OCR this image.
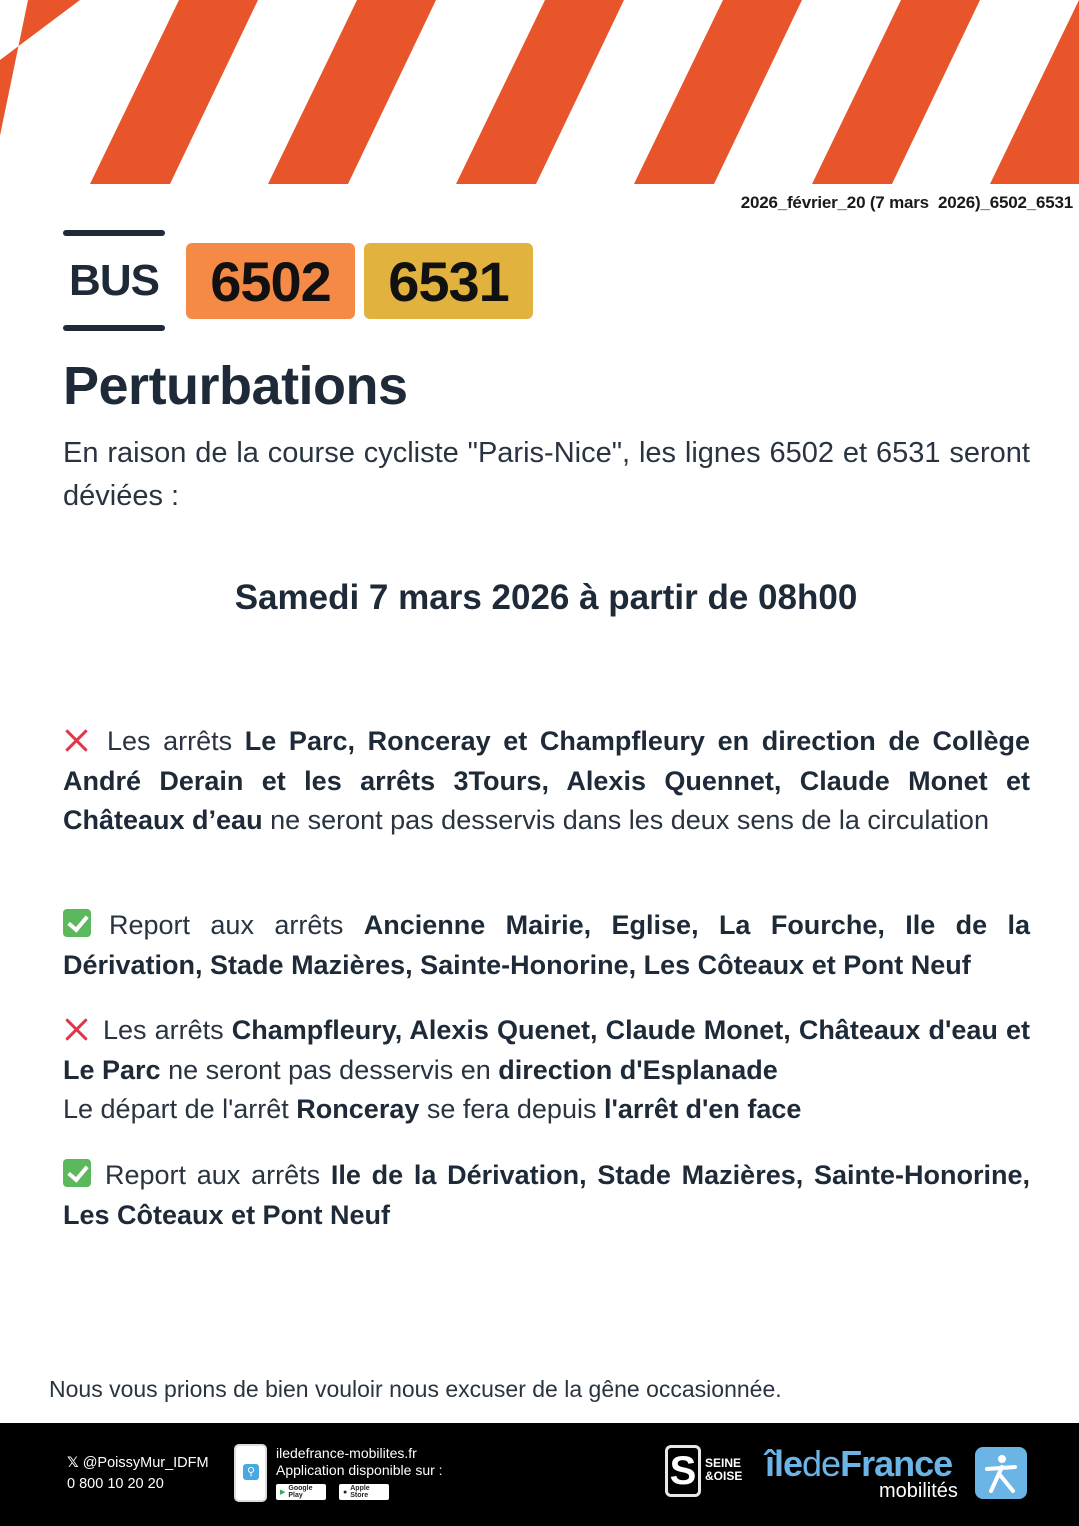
2026_février_20 (7 mars  2026)_6502_6531
BUS 6502	6531
Perturbations

En raison de la course cycliste "Paris-Nice", les lignes 6502 et 6531 seront déviées :

Samedi 7 mars 2026 à partir de 08h00

Les arrêts Le Parc, Ronceray et Champfleury en direction de Collège André Derain et les arrêts 3Tours, Alexis Quennet, Claude Monet et Châteaux d’eau ne seront pas desservis dans les deux sens de la circulation

Report aux arrêts Ancienne Mairie, Eglise, La Fourche, Ile de la Dérivation, Stade Mazières, Sainte-Honorine, Les Côteaux et Pont Neuf

Les arrêts Champfleury, Alexis Quenet, Claude Monet, Châteaux d'eau et Le Parc ne seront pas desservis en direction d'Esplanade

Le départ de l'arrêt Ronceray se fera depuis l'arrêt d'en face

Report aux arrêts Ile de la Dérivation, Stade Mazières, Sainte-Honorine, Les Côteaux et Pont Neuf

Nous vous prions de bien vouloir nous excuser de la gêne occasionnée.
𝕏 @PoissyMur_IDFM
0 800 10 20 20
⚲
iledefrance-mobilites.fr
Application disponible sur :
▶
Google Play	● Apple Store
S SEINE
&OISE îledeFrance
mobilités
